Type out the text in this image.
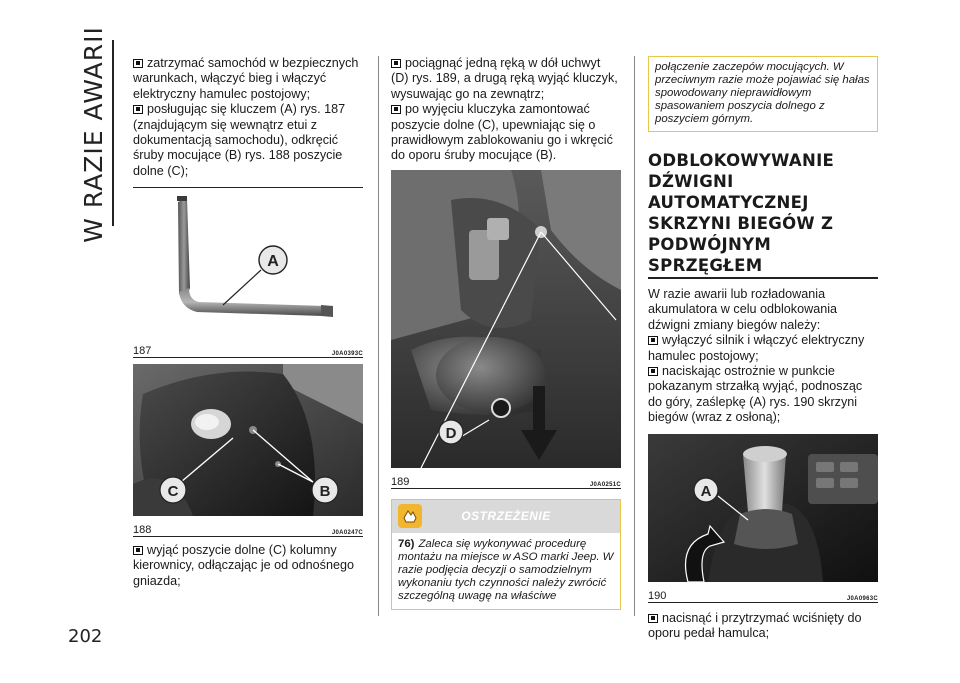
W RAZIE AWARII
202

zatrzymać samochód w bezpiecznych warunkach, włączyć bieg i włączyć elektryczny hamulec postojowy;

posługując się kluczem (A) rys. 187 (znajdującym się wewnątrz etui z dokumentacją samochodu), odkręcić śruby mocujące (B) rys. 188 poszycie dolne (C);

A
187	J0A0393C
C	B
188	J0A0247C

wyjąć poszycie dolne (C) kolumny kierownicy, odłączając je od odnośnego gniazda;

pociągnąć jedną ręką w dół uchwyt (D) rys. 189, a drugą ręką wyjąć kluczyk, wysuwając go na zewnątrz;

po wyjęciu kluczyka zamontować poszycie dolne (C), upewniając się o prawidłowym zablokowaniu go i wkręcić do oporu śruby mocujące (B).

D
189	J0A0251C
OSTRZEŻENIE
76) Zaleca się wykonywać procedurę montażu na miejsce w ASO marki Jeep. W razie podjęcia decyzji o samodzielnym wykonaniu tych czynności należy zwrócić szczególną uwagę na właściwe
połączenie zaczepów mocujących. W przeciwnym razie może pojawiać się hałas spowodowany nieprawidłowym spasowaniem poszycia dolnego z poszyciem górnym.
ODBLOKOWYWANIE DŹWIGNI AUTOMATYCZNEJ SKRZYNI BIEGÓW Z PODWÓJNYM SPRZĘGŁEM

W razie awarii lub rozładowania akumulatora w celu odblokowania dźwigni zmiany biegów należy:

wyłączyć silnik i włączyć elektryczny hamulec postojowy;

naciskając ostrożnie w punkcie pokazanym strzałką wyjąć, podnosząc do góry, zaślepkę (A) rys. 190 skrzyni biegów (wraz z osłoną);

A
190	J0A0963C

nacisnąć i przytrzymać wciśnięty do oporu pedał hamulca;
